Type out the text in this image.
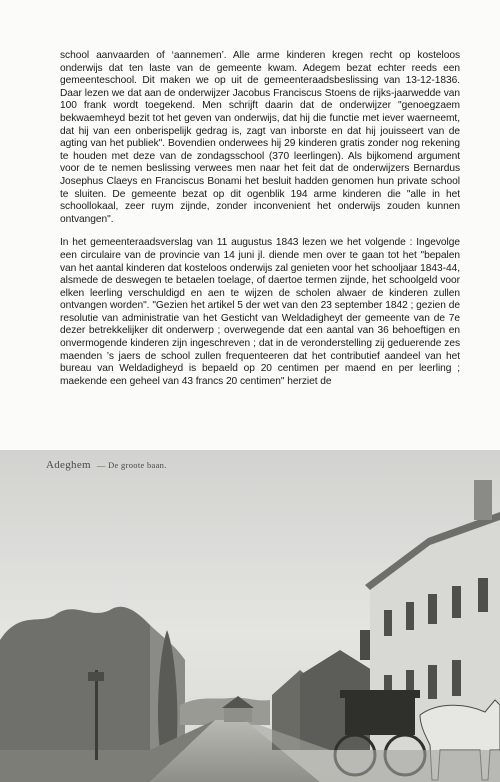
school aanvaarden of ‘aannemen’. Alle arme kinderen kregen recht op kosteloos onderwijs dat ten laste van de gemeente kwam. Adegem bezat echter reeds een gemeenteschool. Dit maken we op uit de gemeenteraadsbeslissing van 13-12-1836. Daar lezen we dat aan de onderwijzer Jacobus Franciscus Stoens de rijks-jaarwedde van 100 frank wordt toegekend. Men schrijft daarin dat de onderwijzer "genoegzaem bekwaemheyd bezit tot het geven van onderwijs, dat hij die functie met iever waerneemt, dat hij van een onberispelijk gedrag is, zagt van inborste en dat hij jouisseert van de agting van het publiek". Bovendien onderwees hij 29 kinderen gratis zonder nog rekening te houden met deze van de zondagsschool (370 leerlingen). Als bijkomend argument voor de te nemen beslissing verwees men naar het feit dat de onderwijzers Bernardus Josephus Claeys en Franciscus Bonami het besluit hadden genomen hun private school te sluiten. De gemeente bezat op dit ogenblik 194 arme kinderen die "alle in het schoollokaal, zeer ruym zijnde, zonder inconvenient het onderwijs zouden kunnen ontvangen".

In het gemeenteraadsverslag van 11 augustus 1843 lezen we het volgende : Ingevolge een circulaire van de provincie van 14 juni jl. diende men over te gaan tot het "bepalen van het aantal kinderen dat kosteloos onderwijs zal genieten voor het schooljaar 1843-44, alsmede de deswegen te betaelen toelage, of daertoe termen zijnde, het schoolgeld voor elken leerling verschuldigd en aen te wijzen de scholen alwaer de kinderen zullen ontvangen worden". "Gezien het artikel 5 der wet van den 23 september 1842 ; gezien de resolutie van administratie van het Gesticht van Weldadigheyt der gemeente van de 7e dezer betrekkelijker dit onderwerp ; overwegende dat een aantal van 36 behoeftigen en onvermogende kinderen zijn ingeschreven ; dat in de veronderstelling zij geduerende zes maenden ’s jaers de school zullen frequenteeren dat het contributief aandeel van het bureau van Weldadigheyd is bepaeld op 20 centimen per maend en per leerling ; maekende een geheel van 43 francs 20 centimen" herziet de

Adeghem — De groote baan.
